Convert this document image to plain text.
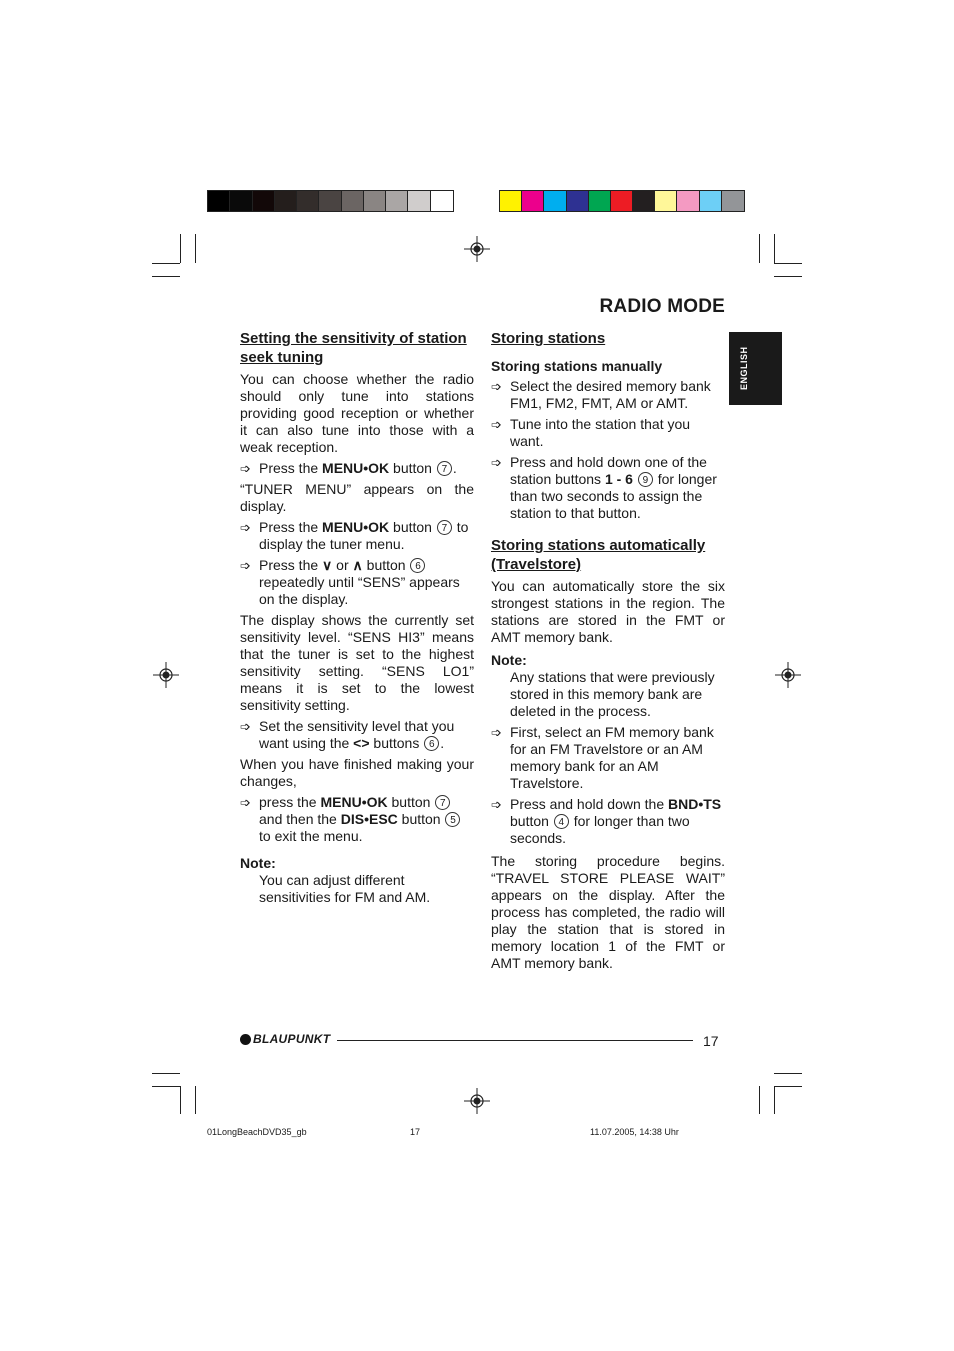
RADIO MODE
ENGLISH
Setting the sensitivity of station seek tuning

You can choose whether the radio should only tune into stations providing good reception or whether it can also tune into those with a weak reception.

➩ Press the MENU•OK button 7 .

“TUNER MENU” appears on the display.

➩ Press the MENU•OK button 7 to display the tuner menu.
➩ Press the ∨ or ∧ button 6 repeatedly until “SENS” appears on the display.

The display shows the currently set sensitivity level. “SENS HI3” means that the tuner is set to the highest sensitivity setting. “SENS LO1” means it is set to the lowest sensitivity setting.

➩ Set the sensitivity level that you want using the <> buttons 6 .

When you have finished making your changes,

➩ press the MENU•OK button 7 and then the DIS•ESC button 5 to exit the menu.
Note:
You can adjust different sensitivities for FM and AM.
Storing stations
Storing stations manually
➩ Select the desired memory bank FM1, FM2, FMT, AM or AMT.
➩ Tune into the station that you want.
➩ Press and hold down one of the station buttons 1 - 6 9 for longer than two seconds to assign the station to that button.
Storing stations automatically (Travelstore)

You can automatically store the six strongest stations in the region. The stations are stored in the FMT or AMT memory bank.

Note:
Any stations that were previously stored in this memory bank are deleted in the process.
➩ First, select an FM memory bank for an FM Travelstore or an AM memory bank for an AM Travelstore.
➩ Press and hold down the BND•TS button 4 for longer than two seconds.

The storing procedure begins. “TRAVEL STORE PLEASE WAIT” appears on the display. After the process has completed, the radio will play the station that is stored in memory location 1 of the FMT or AMT memory bank.

BLAUPUNKT	17
01LongBeachDVD35_gb	17	11.07.2005, 14:38 Uhr
